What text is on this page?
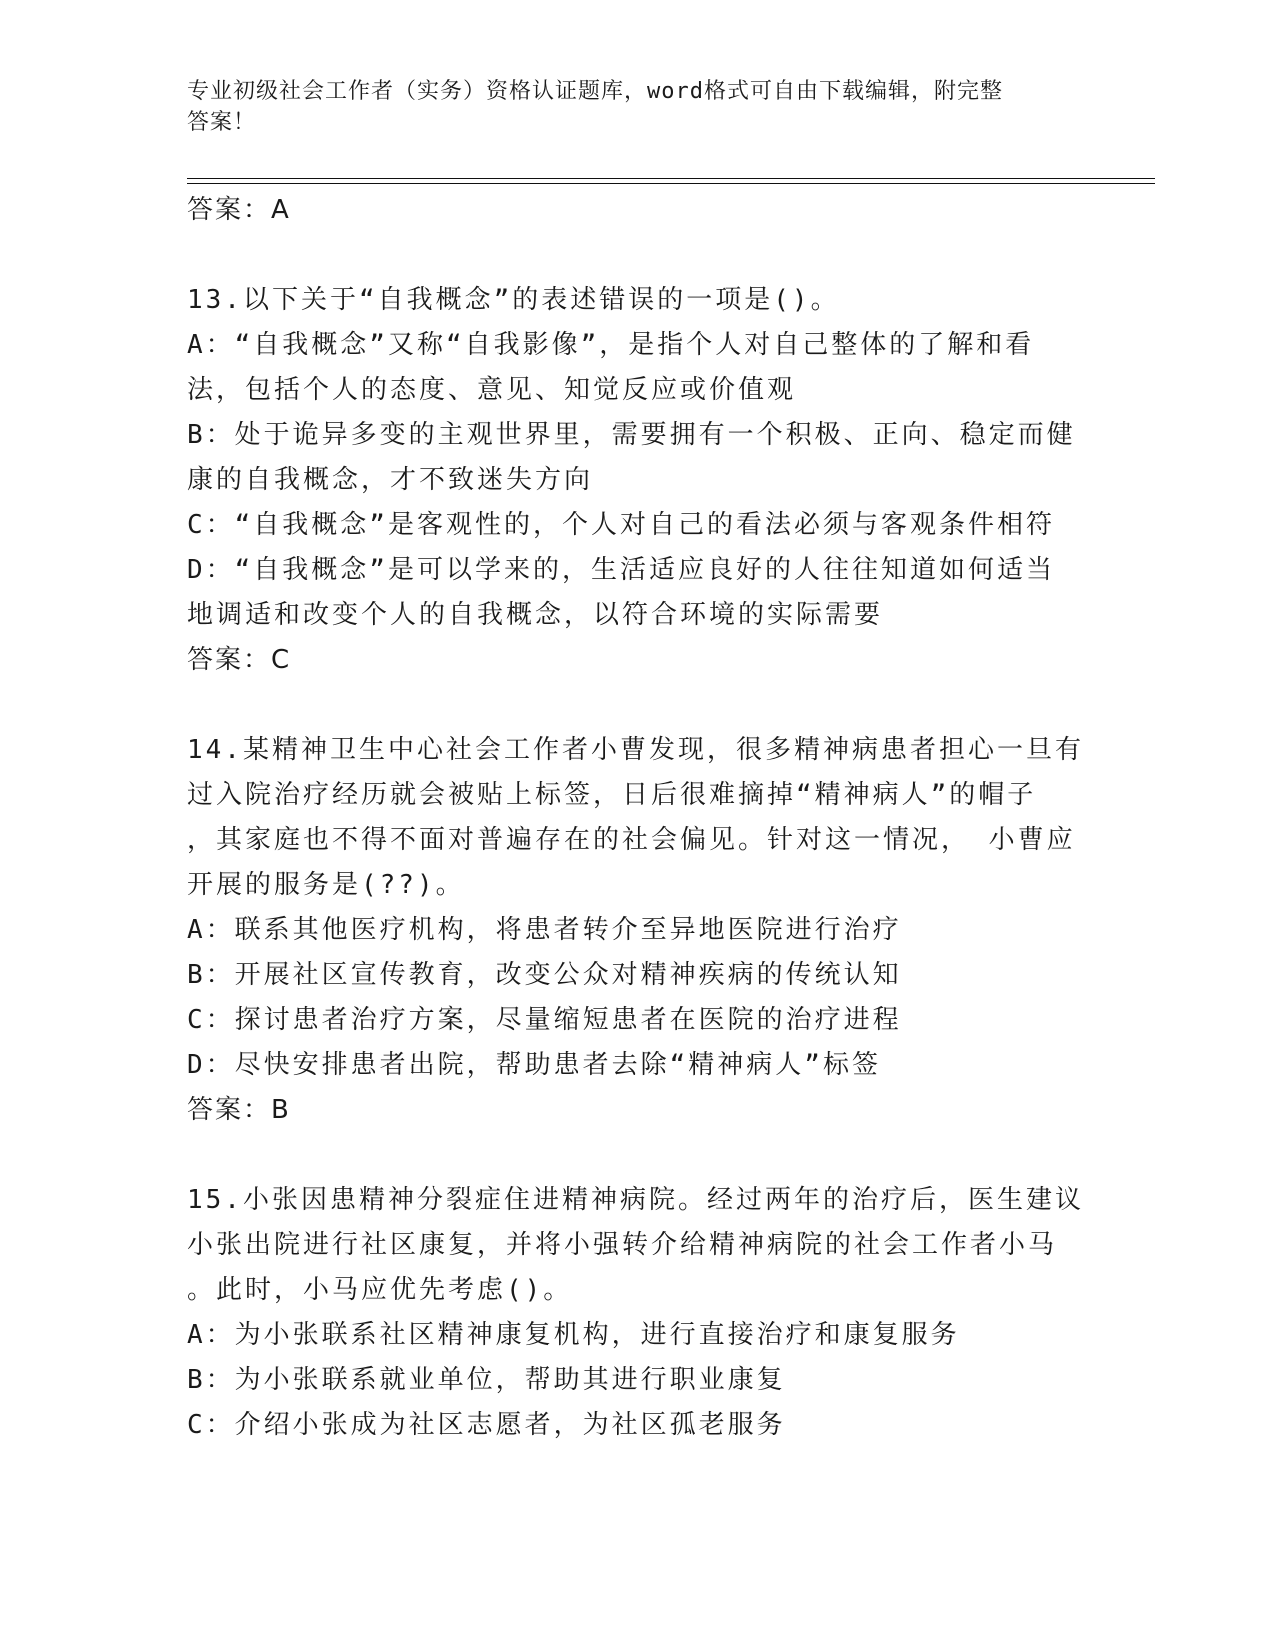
专业初级社会工作者（实务）资格认证题库，word格式可自由下载编辑，附完整
答案！
答案：A
13.以下关于“自我概念”的表述错误的一项是()。
A：“自我概念”又称“自我影像”，是指个人对自己整体的了解和看
法，包括个人的态度、意见、知觉反应或价值观
B：处于诡异多变的主观世界里，需要拥有一个积极、正向、稳定而健
康的自我概念，才不致迷失方向
C：“自我概念”是客观性的，个人对自己的看法必须与客观条件相符
D：“自我概念”是可以学来的，生活适应良好的人往往知道如何适当
地调适和改变个人的自我概念，以符合环境的实际需要
答案：C
14.某精神卫生中心社会工作者小曹发现，很多精神病患者担心一旦有
过入院治疗经历就会被贴上标签，日后很难摘掉“精神病人”的帽子
，其家庭也不得不面对普遍存在的社会偏见。针对这一情况， 小曹应
开展的服务是(??)。
A：联系其他医疗机构，将患者转介至异地医院进行治疗
B：开展社区宣传教育，改变公众对精神疾病的传统认知
C：探讨患者治疗方案，尽量缩短患者在医院的治疗进程
D：尽快安排患者出院，帮助患者去除“精神病人”标签
答案：B
15.小张因患精神分裂症住进精神病院。经过两年的治疗后，医生建议
小张出院进行社区康复，并将小强转介给精神病院的社会工作者小马
。此时，小马应优先考虑()。
A：为小张联系社区精神康复机构，进行直接治疗和康复服务
B：为小张联系就业单位，帮助其进行职业康复
C：介绍小张成为社区志愿者，为社区孤老服务
